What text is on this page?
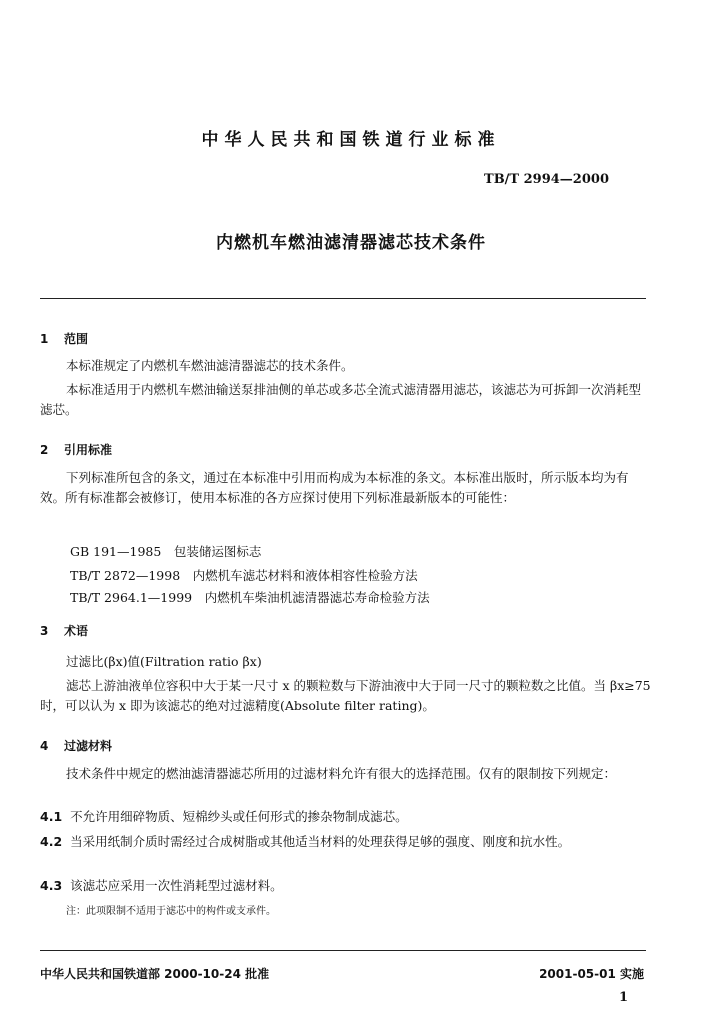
中华人民共和国铁道行业标准
TB/T 2994—2000
内燃机车燃油滤清器滤芯技术条件
1 范围
本标准规定了内燃机车燃油滤清器滤芯的技术条件。
本标准适用于内燃机车燃油输送泵排油侧的单芯或多芯全流式滤清器用滤芯，该滤芯为可拆卸一次消耗型滤芯。
2 引用标准
下列标准所包含的条文，通过在本标准中引用而构成为本标准的条文。本标准出版时，所示版本均为有效。所有标准都会被修订，使用本标准的各方应探讨使用下列标准最新版本的可能性：
GB 191—1985　包装储运图标志
TB/T 2872—1998　内燃机车滤芯材料和液体相容性检验方法
TB/T 2964.1—1999　内燃机车柴油机滤清器滤芯寿命检验方法
3 术语
过滤比(βx)值(Filtration ratio βx)
滤芯上游油液单位容积中大于某一尺寸 x 的颗粒数与下游油液中大于同一尺寸的颗粒数之比值。当 βx≥75 时，可以认为 x 即为该滤芯的绝对过滤精度(Absolute filter rating)。
4 过滤材料
技术条件中规定的燃油滤清器滤芯所用的过滤材料允许有很大的选择范围。仅有的限制按下列规定：
4.1 不允许用细碎物质、短棉纱头或任何形式的掺杂物制成滤芯。
4.2 当采用纸制介质时需经过合成树脂或其他适当材料的处理获得足够的强度、刚度和抗水性。
4.3 该滤芯应采用一次性消耗型过滤材料。
注：此项限制不适用于滤芯中的构件或支承件。
中华人民共和国铁道部 2000-10-24 批准	2001-05-01 实施
1
